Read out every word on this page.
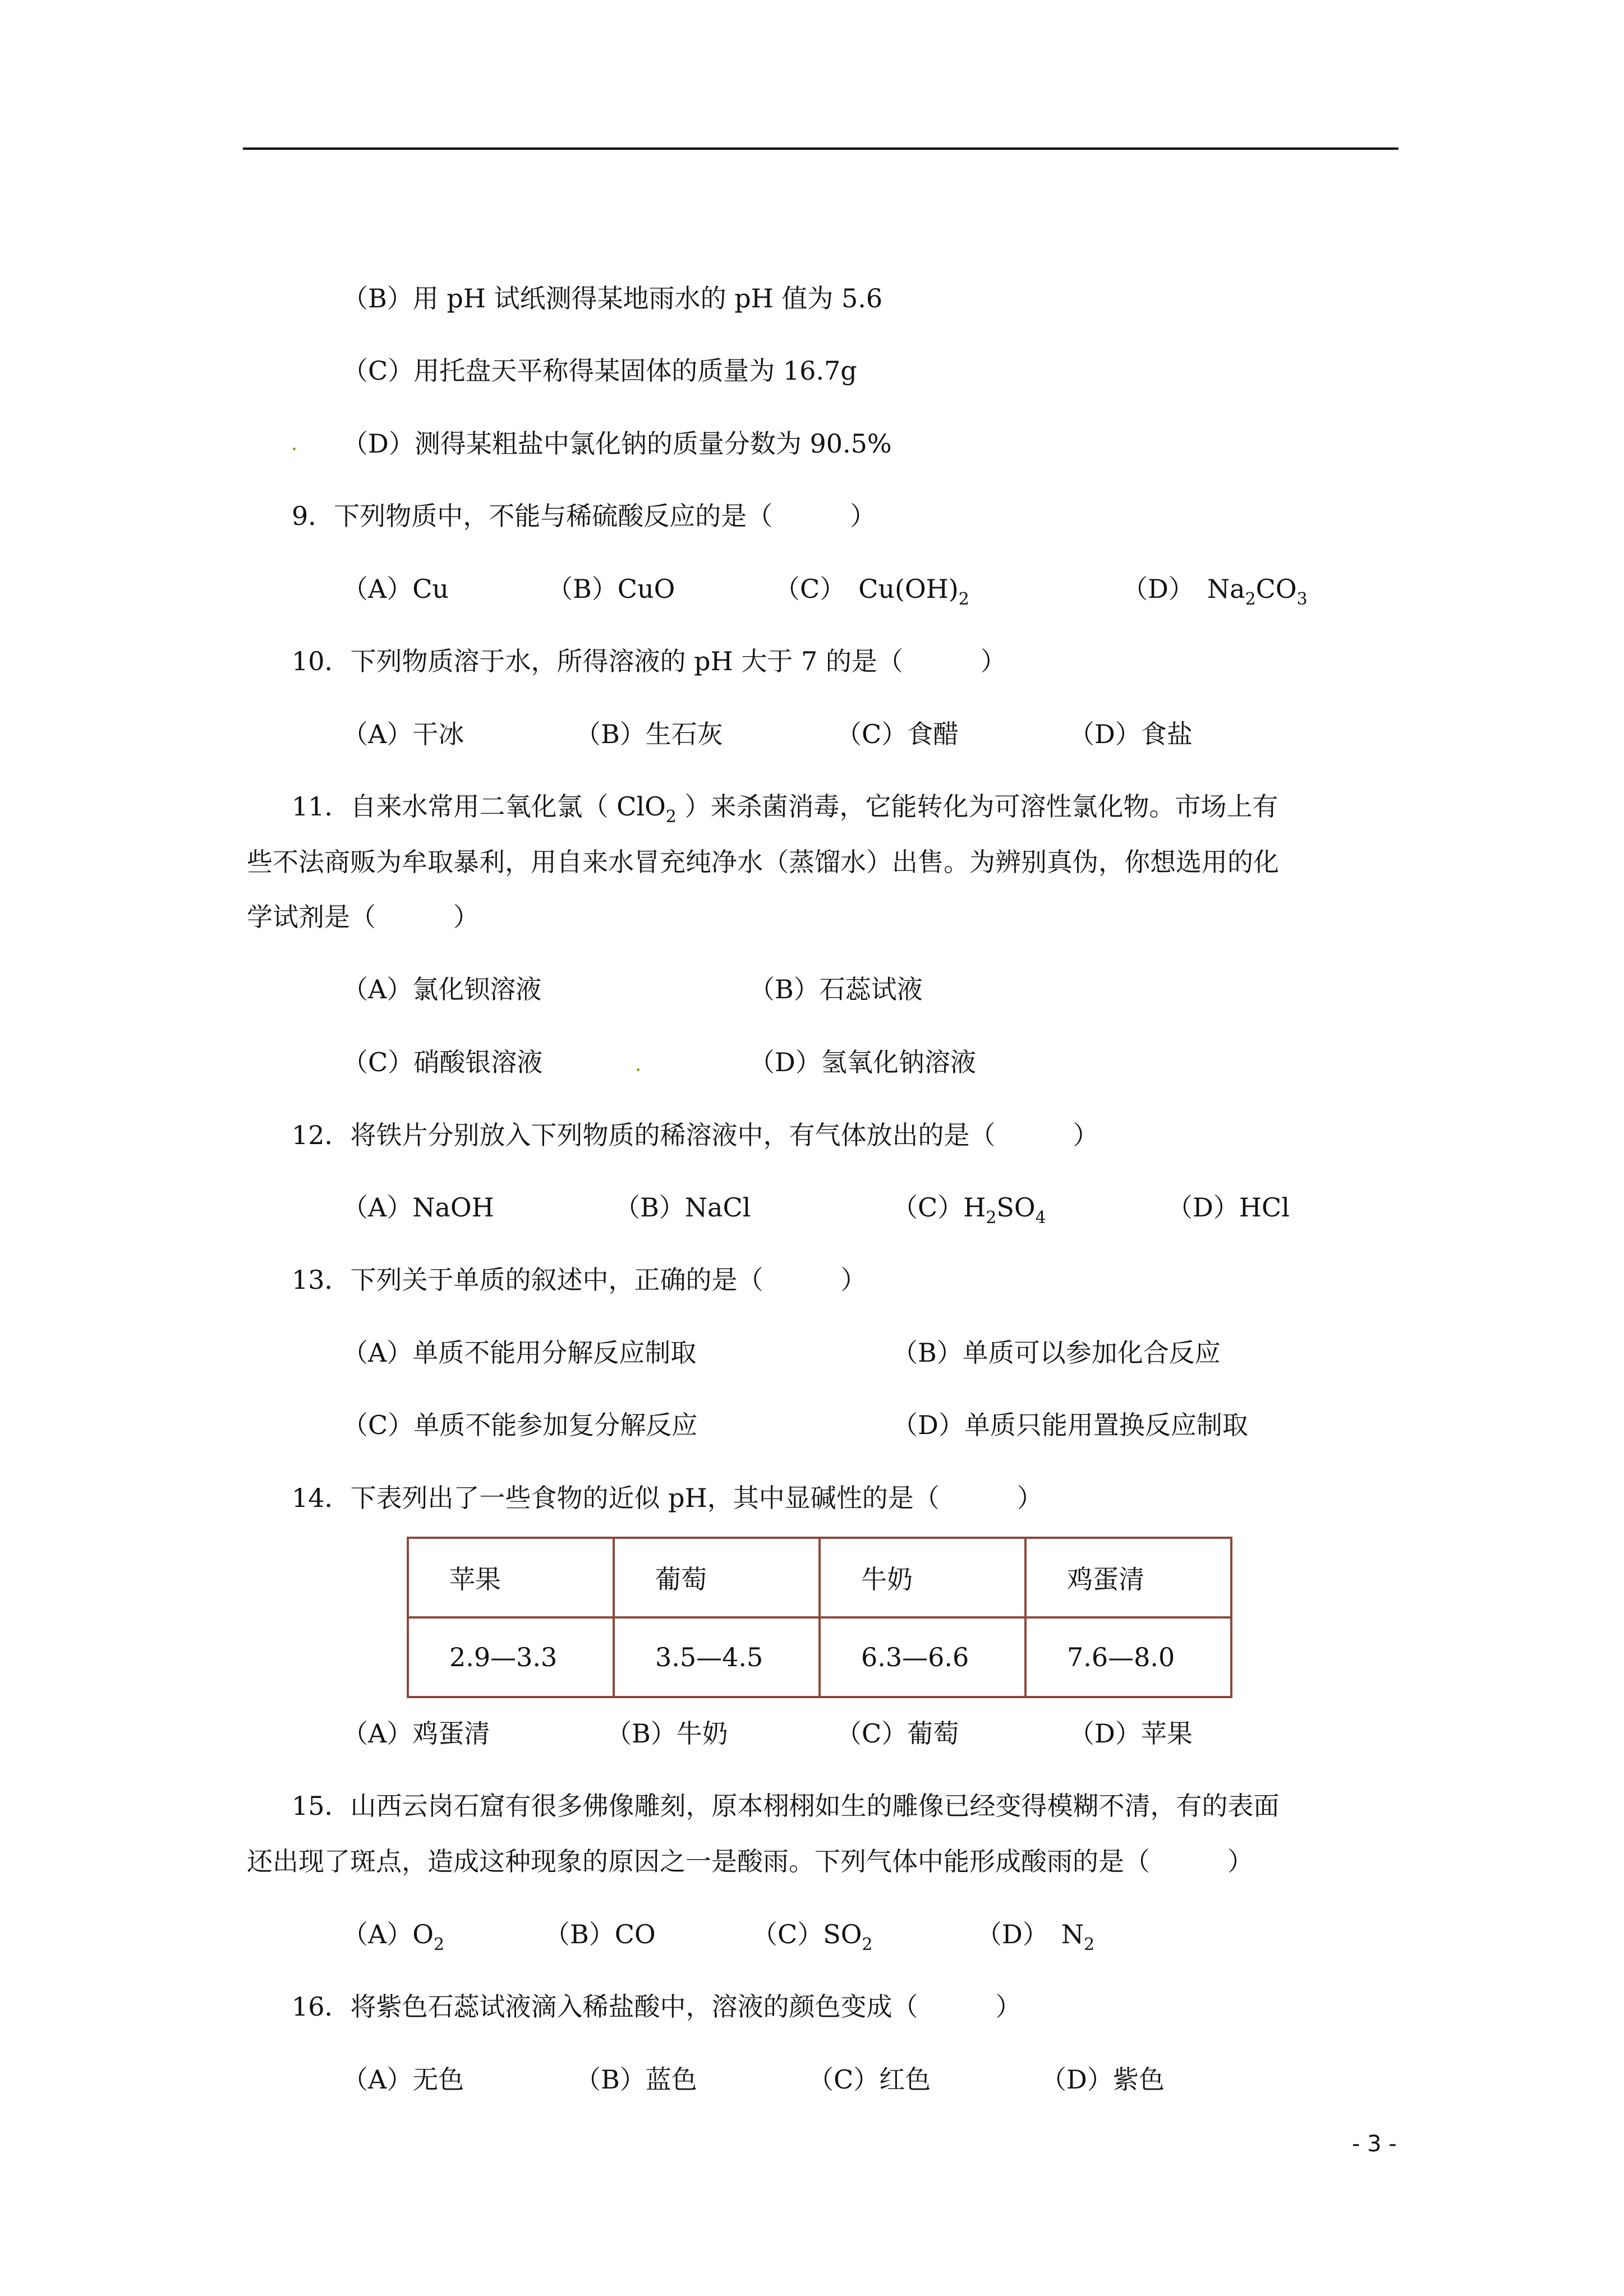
（B）用 pH 试纸测得某地雨水的 pH 值为 5.6
（C）用托盘天平称得某固体的质量为 16.7g
（D）测得某粗盐中氯化钠的质量分数为 90.5%
9．下列物质中，不能与稀硫酸反应的是（　　　）
（A）Cu	（B）CuO	（C）　$Cu(OH)_2$	（D）　$Na_2CO_3$
10．下列物质溶于水，所得溶液的 pH 大于 7 的是（　　　）
（A）干冰	（B）生石灰	（C）食醋	（D）食盐
11．自来水常用二氧化氯（ ClO$_2$ ）来杀菌消毒，它能转化为可溶性氯化物。市场上有
些不法商贩为牟取暴利，用自来水冒充纯净水（蒸馏水）出售。为辨别真伪，你想选用的化
学试剂是（　　　）
（A）氯化钡溶液	（B）石蕊试液
（C）硝酸银溶液	（D）氢氧化钠溶液
12．将铁片分别放入下列物质的稀溶液中，有气体放出的是（　　　）
（A）NaOH	（B）NaCl	$(C)H_2SO_4$	（D）HCl
13．下列关于单质的叙述中，正确的是（　　　）
（A）单质不能用分解反应制取	（B）单质可以参加化合反应
（C）单质不能参加复分解反应	（D）单质只能用置换反应制取
14．下表列出了一些食物的近似 pH，其中显碱性的是（　　　）
苹果	葡萄	牛奶	鸡蛋清
2.9—3.3	3.5—4.5	6.3—6.6	7.6—8.0
（A）鸡蛋清	（B）牛奶	（C）葡萄	（D）苹果
15．山西云岗石窟有很多佛像雕刻，原本栩栩如生的雕像已经变得模糊不清，有的表面
还出现了斑点，造成这种现象的原因之一是酸雨。下列气体中能形成酸雨的是（　　　）
$(A)O_2$	（B）CO	$(C)SO_2$	（D）　$N_2$
16．将紫色石蕊试液滴入稀盐酸中，溶液的颜色变成（　　　）
（A）无色	（B）蓝色	（C）红色	（D）紫色
- 3 -
